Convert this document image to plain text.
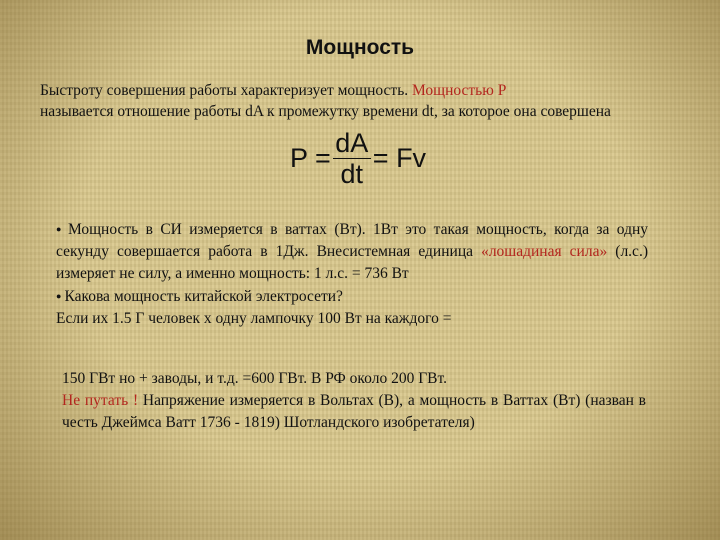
Мощность
Быстроту совершения работы характеризует мощность. Мощностью P
называется отношение работы dA к промежутку времени dt, за которое она совершена
$P = \frac{dA}{dt} = Fv$
● Мощность в СИ измеряется в ваттах (Вт). 1Вт это такая мощность, когда за одну секунду совершается работа в 1Дж. Внесистемная единица «лошадиная сила» (л.с.) измеряет не силу, а именно мощность: 1 л.с. = 736 Вт
● Какова мощность китайской электросети?
Если их 1.5 Г человек х одну лампочку 100 Вт на каждого =
150 ГВт но + заводы, и т.д. =600 ГВт. В РФ около 200 ГВт.
Не путать ! Напряжение измеряется в Вольтах (В), а мощность в Ваттах (Вт) (назван в честь Джеймса Ватт 1736 - 1819) Шотландского изобретателя)
